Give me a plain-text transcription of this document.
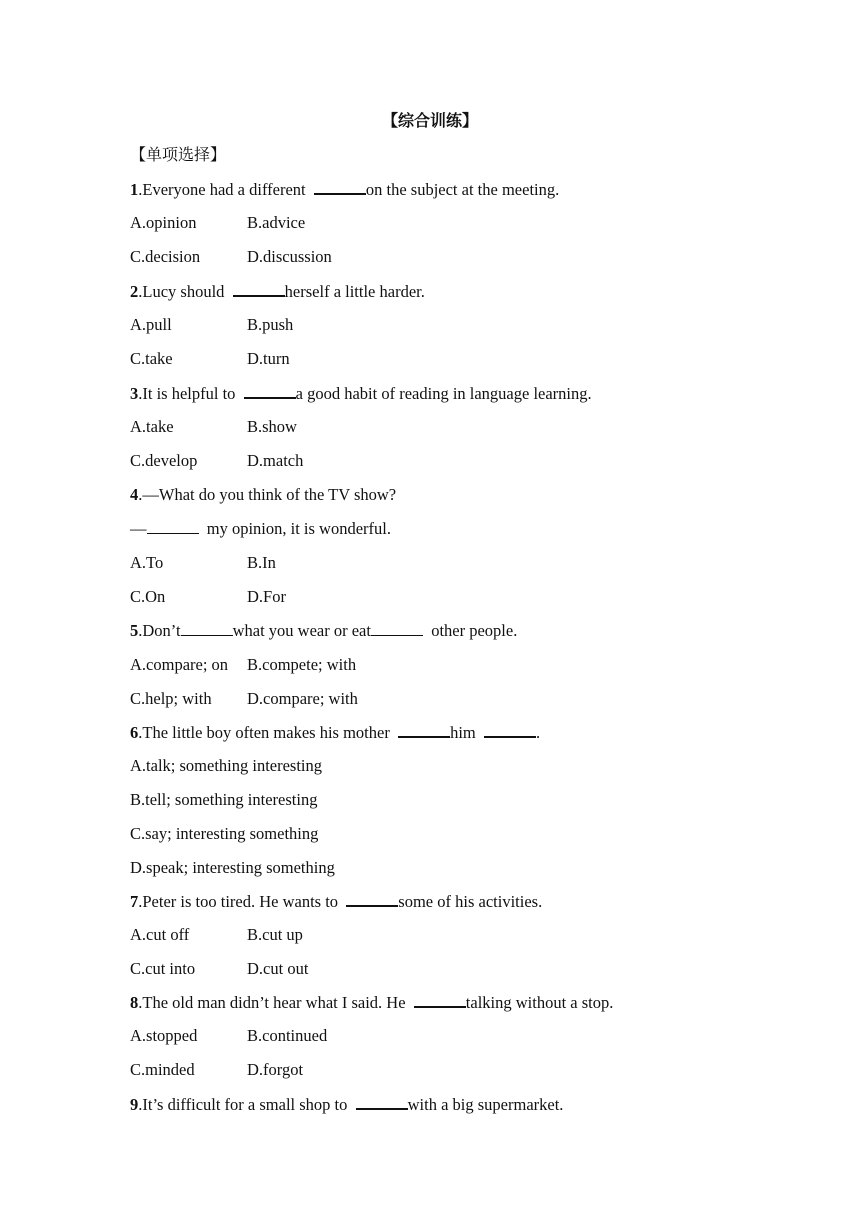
【综合训练】
【单项选择】
1.Everyone had a different	on the subject at the meeting.
A.opinion	B.advice
C.decision	D.discussion
2.Lucy should	herself a little harder.
A.pull	B.push
C.take	D.turn
3.It is helpful to	a good habit of reading in language learning.
A.take	B.show
C.develop	D.match
4.—What do you think of the TV show?
—	my opinion, it is wonderful.
A.To	B.In
C.On	D.For
5.Don’t	what you wear or eat	other people.
A.compare; on B.compete; with
C.help; with D.compare; with
6.The little boy often makes his mother	him	.
A.talk; something interesting
B.tell; something interesting
C.say; interesting something
D.speak; interesting something
7.Peter is too tired. He wants to	some of his activities.
A.cut off	B.cut up
C.cut into	D.cut out
8.The old man didn’t hear what I said. He	talking without a stop.
A.stopped	B.continued
C.minded	D.forgot
9.It’s difficult for a small shop to	with a big supermarket.
